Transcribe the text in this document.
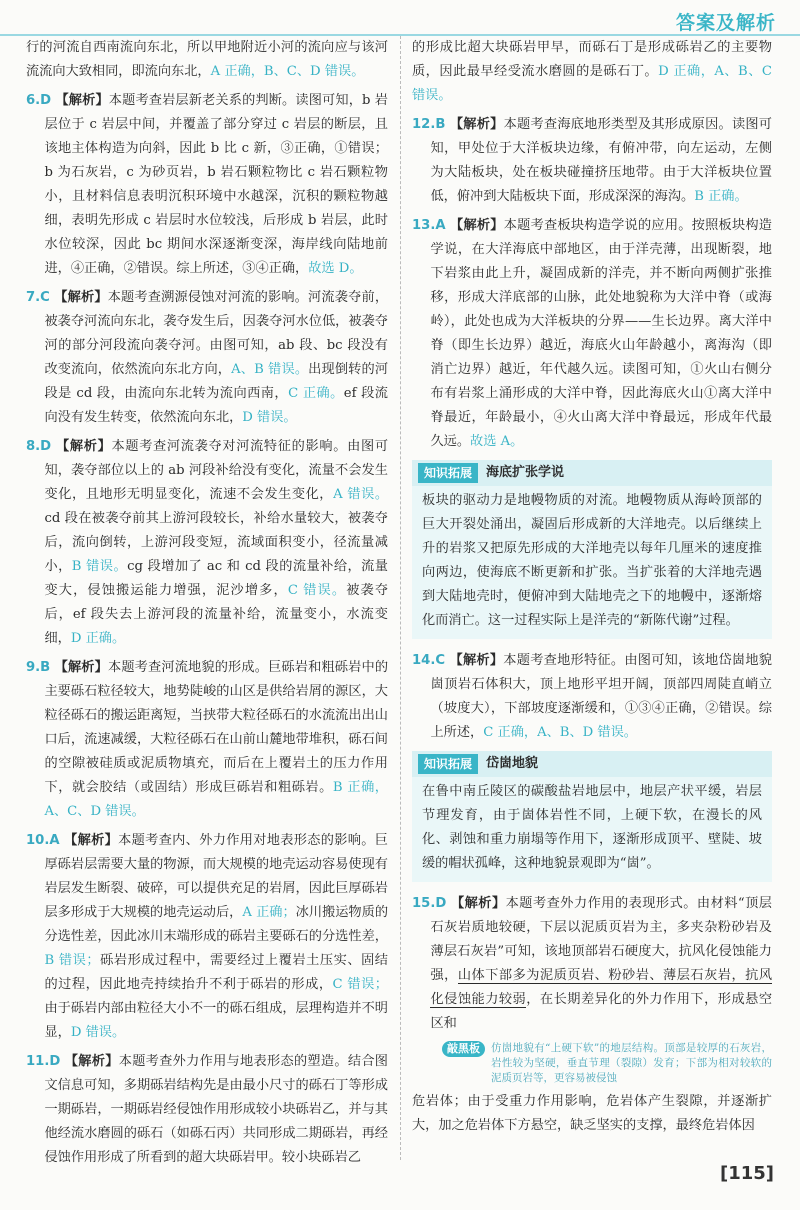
答案及解析

行的河流自西南流向东北，所以甲地附近小河的流向应与该河流流向大致相同，即流向东北，A 正确，B、C、D 错误。

6.D 【解析】本题考查岩层新老关系的判断。读图可知，b 岩层位于 c 岩层中间，并覆盖了部分穿过 c 岩层的断层，且该地主体构造为向斜，因此 b 比 c 新，③正确，①错误；b 为石灰岩，c 为砂页岩，b 岩石颗粒物比 c 岩石颗粒物小，且材料信息表明沉积环境中水越深，沉积的颗粒物越细，表明先形成 c 岩层时水位较浅，后形成 b 岩层，此时水位较深，因此 bc 期间水深逐渐变深，海岸线向陆地前进，④正确，②错误。综上所述，③④正确，故选 D。

7.C 【解析】本题考查溯源侵蚀对河流的影响。河流袭夺前，被袭夺河流向东北，袭夺发生后，因袭夺河水位低，被袭夺河的部分河段流向袭夺河。由图可知，ab 段、bc 段没有改变流向，依然流向东北方向，A、B 错误。出现倒转的河段是 cd 段，由流向东北转为流向西南，C 正确。ef 段流向没有发生转变，依然流向东北，D 错误。

8.D 【解析】本题考查河流袭夺对河流特征的影响。由图可知，袭夺部位以上的 ab 河段补给没有变化，流量不会发生变化，且地形无明显变化，流速不会发生变化，A 错误。cd 段在被袭夺前其上游河段较长，补给水量较大，被袭夺后，流向倒转，上游河段变短，流域面积变小，径流量减小，B 错误。cg 段增加了 ac 和 cd 段的流量补给，流量变大，侵蚀搬运能力增强，泥沙增多，C 错误。被袭夺后，ef 段失去上游河段的流量补给，流量变小，水流变细，D 正确。

9.B 【解析】本题考查河流地貌的形成。巨砾岩和粗砾岩中的主要砾石粒径较大，地势陡峻的山区是供给岩屑的源区，大粒径砾石的搬运距离短，当挟带大粒径砾石的水流流出出山口后，流速减缓，大粒径砾石在山前山麓地带堆积，砾石间的空隙被硅质或泥质物填充，而后在上覆岩土的压力作用下，就会胶结（或固结）形成巨砾岩和粗砾岩。B 正确，A、C、D 错误。

10.A 【解析】本题考查内、外力作用对地表形态的影响。巨厚砾岩层需要大量的物源，而大规模的地壳运动容易使现有岩层发生断裂、破碎，可以提供充足的岩屑，因此巨厚砾岩层多形成于大规模的地壳运动后，A 正确；冰川搬运物质的分选性差，因此冰川末端形成的砾岩主要砾石的分选性差，B 错误；砾岩形成过程中，需要经过上覆岩土压实、固结的过程，因此地壳持续抬升不利于砾岩的形成，C 错误；由于砾岩内部由粒径大小不一的砾石组成，层理构造并不明显，D 错误。

11.D 【解析】本题考查外力作用与地表形态的塑造。结合图文信息可知，多期砾岩结构先是由最小尺寸的砾石丁等形成一期砾岩，一期砾岩经侵蚀作用形成较小块砾岩乙，并与其他经流水磨圆的砾石（如砾石丙）共同形成二期砾岩，再经侵蚀作用形成了所看到的超大块砾岩甲。较小块砾岩乙

的形成比超大块砾岩甲早，而砾石丁是形成砾岩乙的主要物质，因此最早经受流水磨圆的是砾石丁。D 正确，A、B、C 错误。

12.B 【解析】本题考查海底地形类型及其形成原因。读图可知，甲处位于大洋板块边缘，有俯冲带，向左运动，左侧为大陆板块，处在板块碰撞挤压地带。由于大洋板块位置低，俯冲到大陆板块下面，形成深深的海沟。B 正确。

13.A 【解析】本题考查板块构造学说的应用。按照板块构造学说，在大洋海底中部地区，由于洋壳薄，出现断裂，地下岩浆由此上升，凝固成新的洋壳，并不断向两侧扩张推移，形成大洋底部的山脉，此处地貌称为大洋中脊（或海岭），此处也成为大洋板块的分界——生长边界。离大洋中脊（即生长边界）越近，海底火山年龄越小，离海沟（即消亡边界）越近，年代越久远。读图可知，①火山右侧分布有岩浆上涌形成的大洋中脊，因此海底火山①离大洋中脊最近，年龄最小，④火山离大洋中脊最远，形成年代最久远。故选 A。

知识拓展	海底扩张学说
板块的驱动力是地幔物质的对流。地幔物质从海岭顶部的巨大开裂处涌出，凝固后形成新的大洋地壳。以后继续上升的岩浆又把原先形成的大洋地壳以每年几厘米的速度推向两边，使海底不断更新和扩张。当扩张着的大洋地壳遇到大陆地壳时，便俯冲到大陆地壳之下的地幔中，逐渐熔化而消亡。这一过程实际上是洋壳的“新陈代谢”过程。

14.C 【解析】本题考查地形特征。由图可知，该地岱崮地貌崮顶岩石体积大，顶上地形平坦开阔，顶部四周陡直峭立（坡度大），下部坡度逐渐缓和，①③④正确，②错误。综上所述，C 正确，A、B、D 错误。

知识拓展	岱崮地貌
在鲁中南丘陵区的碳酸盐岩地层中，地层产状平缓，岩层节理发育，由于崮体岩性不同，上硬下软，在漫长的风化、剥蚀和重力崩塌等作用下，逐渐形成顶平、壁陡、坡缓的帽状孤峰，这种地貌景观即为“崮”。

15.D 【解析】本题考查外力作用的表现形式。由材料“顶层石灰岩质地较硬，下层以泥质页岩为主，多夹杂粉砂岩及薄层石灰岩”可知，该地顶部岩石硬度大，抗风化侵蚀能力强，山体下部多为泥质页岩、粉砂岩、薄层石灰岩，抗风化侵蚀能力较弱，在长期差异化的外力作用下，形成悬空区和

敲黑板	仿崮地貌有“上硬下软”的地层结构。顶部是较厚的石灰岩，岩性较为坚硬，垂直节理（裂隙）发育；下部为相对较软的泥质页岩等，更容易被侵蚀

危岩体；由于受重力作用影响，危岩体产生裂隙，并逐渐扩大，加之危岩体下方悬空，缺乏坚实的支撑，最终危岩体因

[115]
